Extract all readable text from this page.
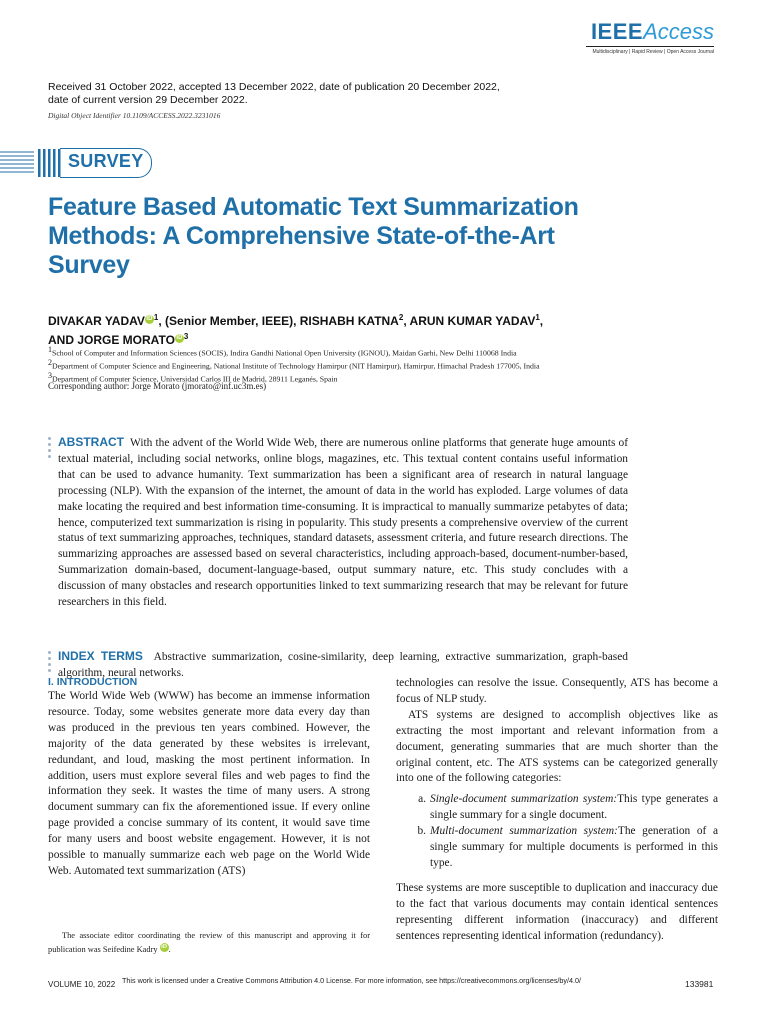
IEEEAccess
Multidisciplinary | Rapid Review | Open Access Journal
Received 31 October 2022, accepted 13 December 2022, date of publication 20 December 2022, date of current version 29 December 2022.
Digital Object Identifier 10.1109/ACCESS.2022.3231016
SURVEY
Feature Based Automatic Text Summarization Methods: A Comprehensive State-of-the-Art Survey
DIVAKAR YADAV iD $^1$, (Senior Member, IEEE), RISHABH KATNA$^2$, ARUN KUMAR YADAV$^1$,
AND JORGE MORATO iD $^3$
$^1$School of Computer and Information Sciences (SOCIS), Indira Gandhi National Open University (IGNOU), Maidan Garhi, New Delhi 110068 India
$^2$Department of Computer Science and Engineering, National Institute of Technology Hamirpur (NIT Hamirpur), Hamirpur, Himachal Pradesh 177005, India
$^3$Department of Computer Science, Universidad Carlos III de Madrid, 28911 Leganés, Spain
Corresponding author: Jorge Morato (jmorato@inf.uc3m.es)
ABSTRACT With the advent of the World Wide Web, there are numerous online platforms that generate huge amounts of textual material, including social networks, online blogs, magazines, etc. This textual content contains useful information that can be used to advance humanity. Text summarization has been a significant area of research in natural language processing (NLP). With the expansion of the internet, the amount of data in the world has exploded. Large volumes of data make locating the required and best information time-consuming. It is impractical to manually summarize petabytes of data; hence, computerized text summarization is rising in popularity. This study presents a comprehensive overview of the current status of text summarizing approaches, techniques, standard datasets, assessment criteria, and future research directions. The summarizing approaches are assessed based on several characteristics, including approach-based, document-number-based, Summarization domain-based, document-language-based, output summary nature, etc. This study concludes with a discussion of many obstacles and research opportunities linked to text summarizing research that may be relevant for future researchers in this field.
INDEX TERMS Abstractive summarization, cosine-similarity, deep learning, extractive summarization, graph-based algorithm, neural networks.
I. INTRODUCTION
The World Wide Web (WWW) has become an immense information resource. Today, some websites generate more data every day than was produced in the previous ten years combined. However, the majority of the data generated by these websites is irrelevant, redundant, and loud, masking the most pertinent information. In addition, users must explore several files and web pages to find the information they seek. It wastes the time of many users. A strong document summary can fix the aforementioned issue. If every online page provided a concise summary of its content, it would save time for many users and boost website engagement. However, it is not possible to manually summarize each web page on the World Wide Web. Automated text summarization (ATS)

technologies can resolve the issue. Consequently, ATS has become a focus of NLP study.

ATS systems are designed to accomplish objectives like as extracting the most important and relevant information from a document, generating summaries that are much shorter than the original content, etc. The ATS systems can be categorized generally into one of the following categories:

a. Single-document summarization system:This type generates a single summary for a single document.
b. Multi-document summarization system:The generation of a single summary for multiple documents is performed in this type.

These systems are more susceptible to duplication and inaccuracy due to the fact that various documents may contain identical sentences representing different information (inaccuracy) and different sentences representing identical information (redundancy).

The associate editor coordinating the review of this manuscript and approving it for publication was Seifedine Kadry iD .
VOLUME 10, 2022 This work is licensed under a Creative Commons Attribution 4.0 License. For more information, see https://creativecommons.org/licenses/by/4.0/	133981
